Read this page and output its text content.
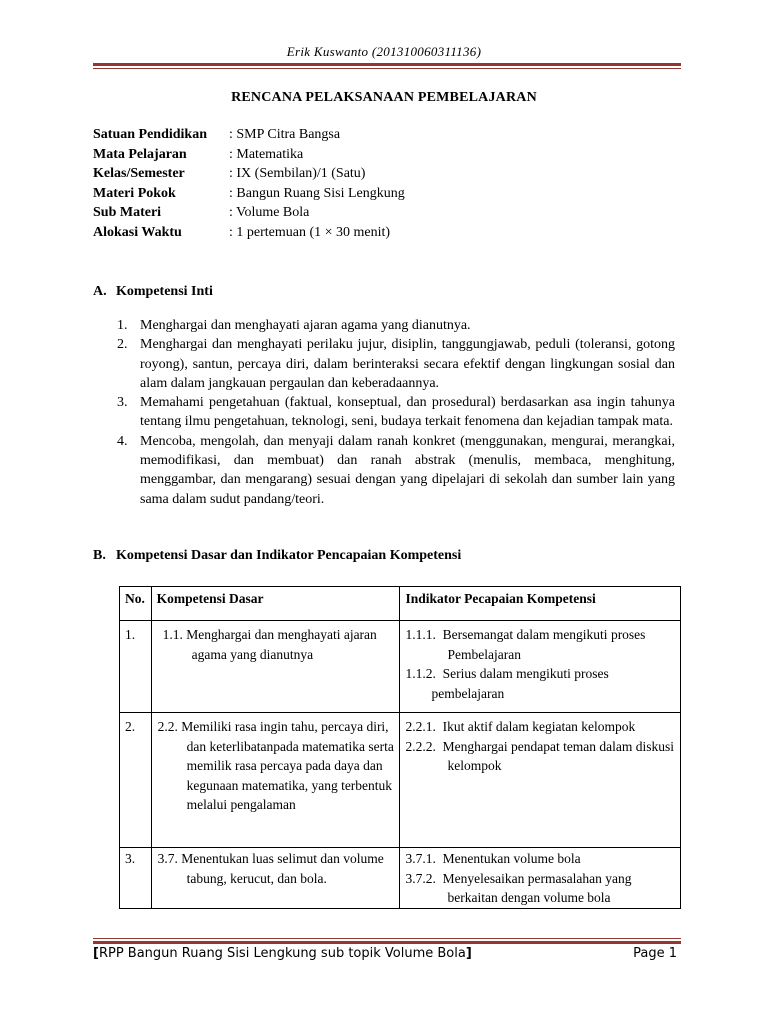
Erik Kuswanto (201310060311136)
RENCANA PELAKSANAAN PEMBELAJARAN
Satuan Pendidikan : SMP Citra Bangsa
Mata Pelajaran	: Matematika
Kelas/Semester	: IX (Sembilan)/1 (Satu)
Materi Pokok	: Bangun Ruang Sisi Lengkung
Sub Materi	: Volume Bola
Alokasi Waktu	: 1 pertemuan (1 × 30 menit)
A. Kompetensi Inti
1. Menghargai dan menghayati ajaran agama yang dianutnya.
2. Menghargai dan menghayati perilaku jujur, disiplin, tanggungjawab, peduli (toleransi, gotong royong), santun, percaya diri, dalam berinteraksi secara efektif dengan lingkungan sosial dan alam dalam jangkauan pergaulan dan keberadaannya.
3. Memahami pengetahuan (faktual, konseptual, dan prosedural) berdasarkan asa ingin tahunya tentang ilmu pengetahuan, teknologi, seni, budaya terkait fenomena dan kejadian tampak mata.
4. Mencoba, mengolah, dan menyaji dalam ranah konkret (menggunakan, mengurai, merangkai, memodifikasi, dan membuat) dan ranah abstrak (menulis, membaca, menghitung, menggambar, dan mengarang) sesuai dengan yang dipelajari di sekolah dan sumber lain yang sama dalam sudut pandang/teori.
B. Kompetensi Dasar dan Indikator Pencapaian Kompetensi
No.	Kompetensi Dasar	Indikator Pecapaian Kompetensi
1.	1.1. Menghargai dan menghayati ajaran agama yang dianutnya	1.1.1. Bersemangat dalam mengikuti proses Pembelajaran
1.1.2. Serius dalam mengikuti proses pembelajaran

2.	2.2. Memiliki rasa ingin tahu, percaya diri, dan keterlibatanpada matematika serta memilik rasa percaya pada daya dan kegunaan matematika, yang terbentuk melalui pengalaman	2.2.1. Ikut aktif dalam kegiatan kelompok
2.2.2. Menghargai pendapat teman dalam diskusi kelompok

3.	3.7. Menentukan luas selimut dan volume tabung, kerucut, dan bola.	3.7.1. Menentukan volume bola
3.7.2. Menyelesaikan permasalahan yang berkaitan dengan volume bola
[RPP Bangun Ruang Sisi Lengkung sub topik Volume Bola]	Page 1
